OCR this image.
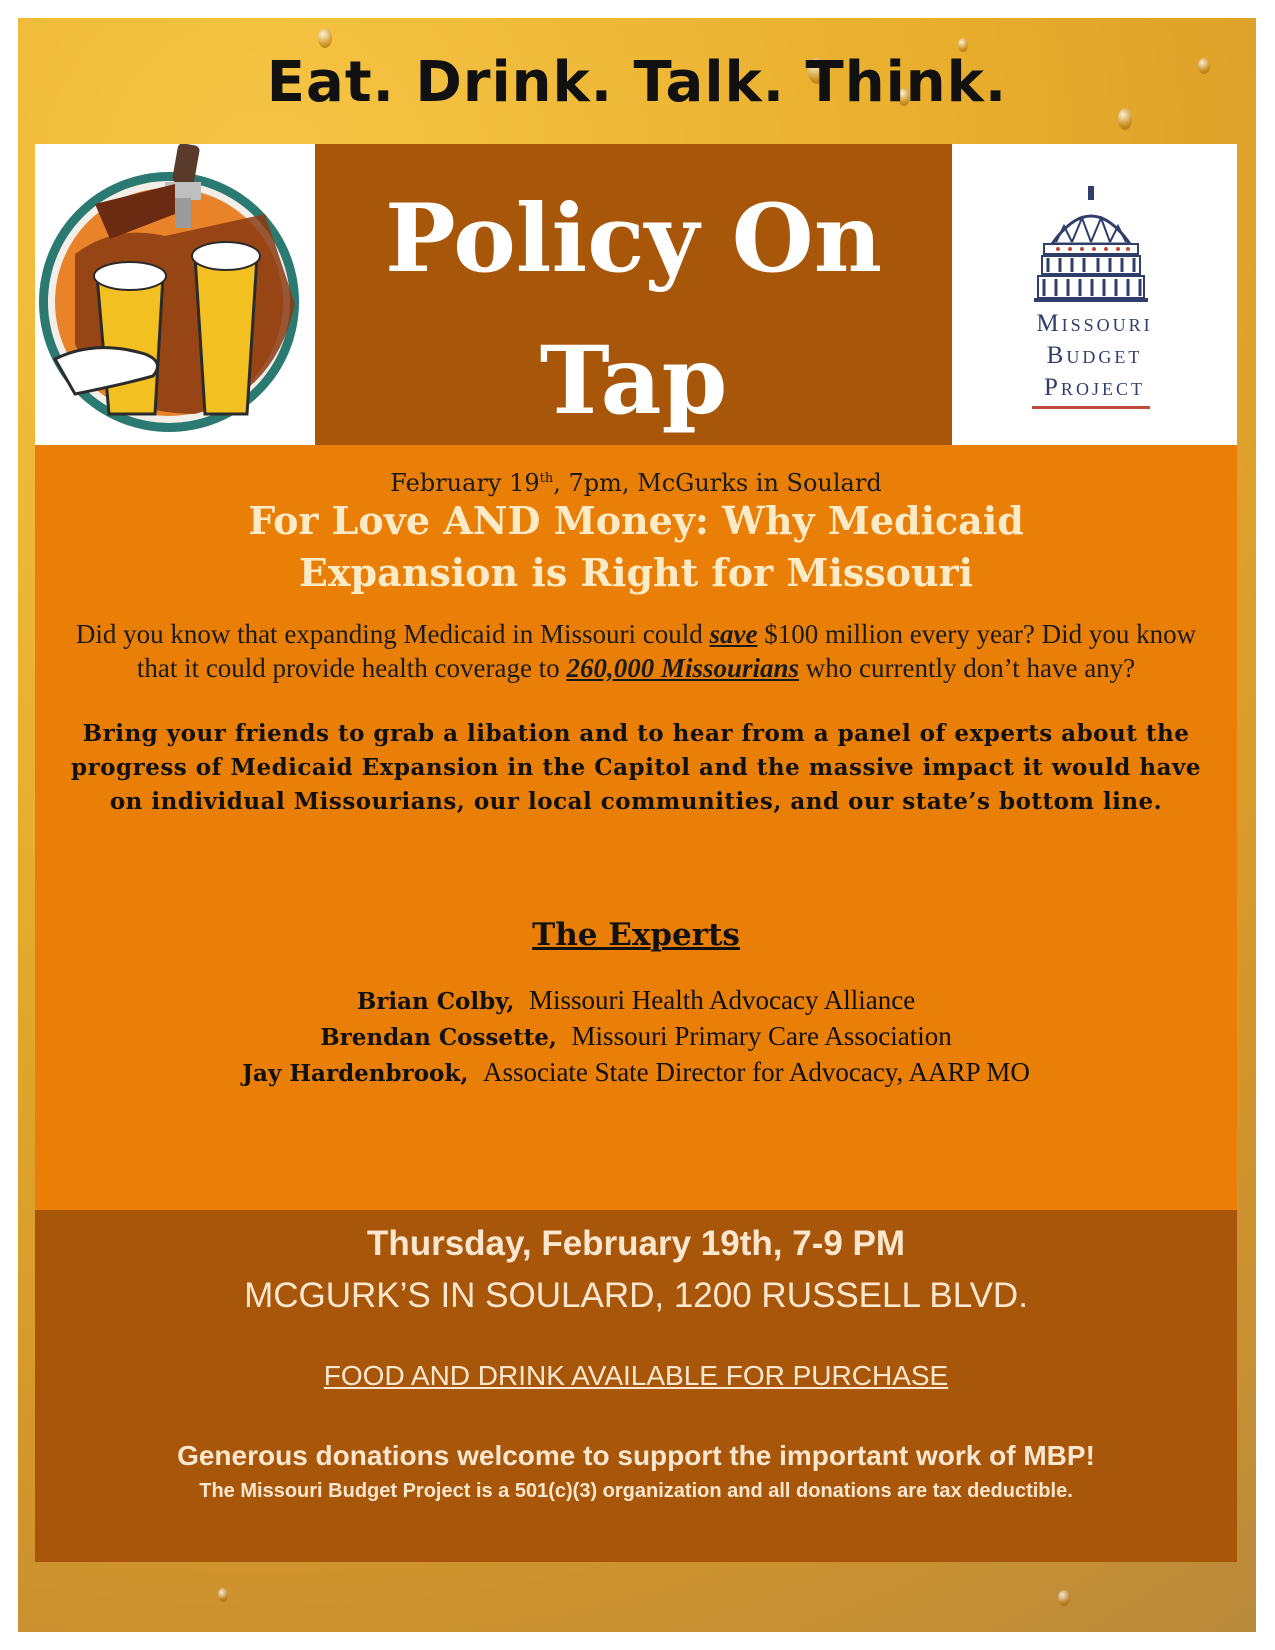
Eat. Drink. Talk. Think.
Policy On
Tap
Missouri
Budget
Project
February 19th, 7pm, McGurks in Soulard
For Love AND Money: Why Medicaid
Expansion is Right for Missouri
Did you know that expanding Medicaid in Missouri could save $100 million every year? Did you know that it could provide health coverage to 260,000 Missourians who currently don’t have any?
Bring your friends to grab a libation and to hear from a panel of experts about the progress of Medicaid Expansion in the Capitol and the massive impact it would have on individual Missourians, our local communities, and our state’s bottom line.
The Experts
Brian Colby, Missouri Health Advocacy Alliance
Brendan Cossette, Missouri Primary Care Association
Jay Hardenbrook, Associate State Director for Advocacy, AARP MO
Thursday, February 19th, 7-9 PM
MCGURK’S IN SOULARD, 1200 RUSSELL BLVD.
FOOD AND DRINK AVAILABLE FOR PURCHASE
Generous donations welcome to support the important work of MBP!
The Missouri Budget Project is a 501(c)(3) organization and all donations are tax deductible.
